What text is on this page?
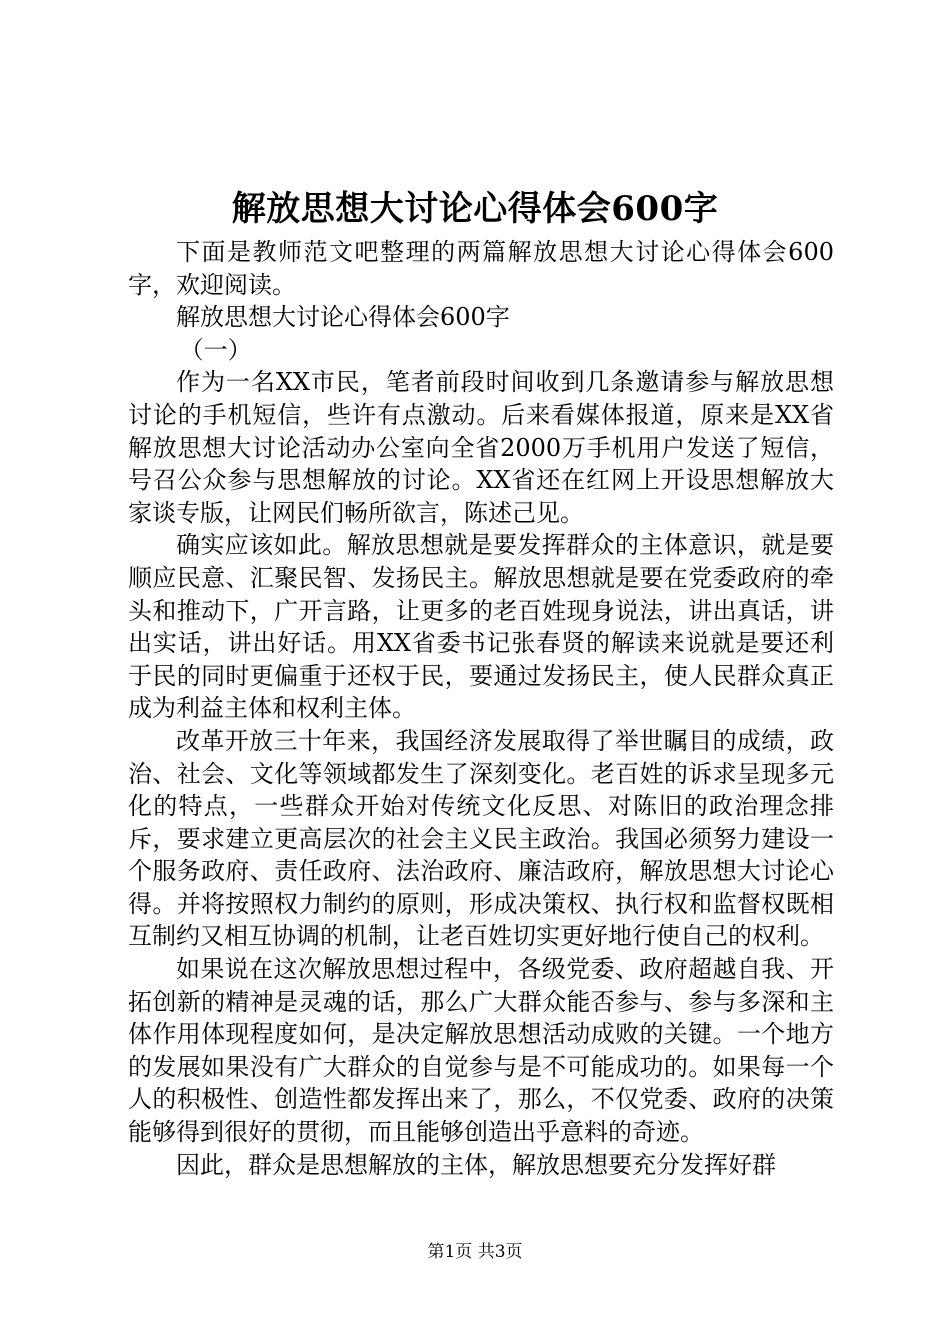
解放思想大讨论心得体会600字

下面是教师范文吧整理的两篇解放思想大讨论心得体会600字，欢迎阅读。

解放思想大讨论心得体会600字

（一）

作为一名XX市民，笔者前段时间收到几条邀请参与解放思想讨论的手机短信，些许有点激动。后来看媒体报道，原来是XX省解放思想大讨论活动办公室向全省2000万手机用户发送了短信，号召公众参与思想解放的讨论。XX省还在红网上开设思想解放大家谈专版，让网民们畅所欲言，陈述己见。

确实应该如此。解放思想就是要发挥群众的主体意识，就是要顺应民意、汇聚民智、发扬民主。解放思想就是要在党委政府的牵头和推动下，广开言路，让更多的老百姓现身说法，讲出真话，讲出实话，讲出好话。用XX省委书记张春贤的解读来说就是要还利于民的同时更偏重于还权于民，要通过发扬民主，使人民群众真正成为利益主体和权利主体。

改革开放三十年来，我国经济发展取得了举世瞩目的成绩，政治、社会、文化等领域都发生了深刻变化。老百姓的诉求呈现多元化的特点，一些群众开始对传统文化反思、对陈旧的政治理念排斥，要求建立更高层次的社会主义民主政治。我国必须努力建设一个服务政府、责任政府、法治政府、廉洁政府，解放思想大讨论心得。并将按照权力制约的原则，形成决策权、执行权和监督权既相互制约又相互协调的机制，让老百姓切实更好地行使自己的权利。

如果说在这次解放思想过程中，各级党委、政府超越自我、开拓创新的精神是灵魂的话，那么广大群众能否参与、参与多深和主体作用体现程度如何，是决定解放思想活动成败的关键。一个地方的发展如果没有广大群众的自觉参与是不可能成功的。如果每一个人的积极性、创造性都发挥出来了，那么，不仅党委、政府的决策能够得到很好的贯彻，而且能够创造出乎意料的奇迹。

因此，群众是思想解放的主体，解放思想要充分发挥好群

第1页 共3页
